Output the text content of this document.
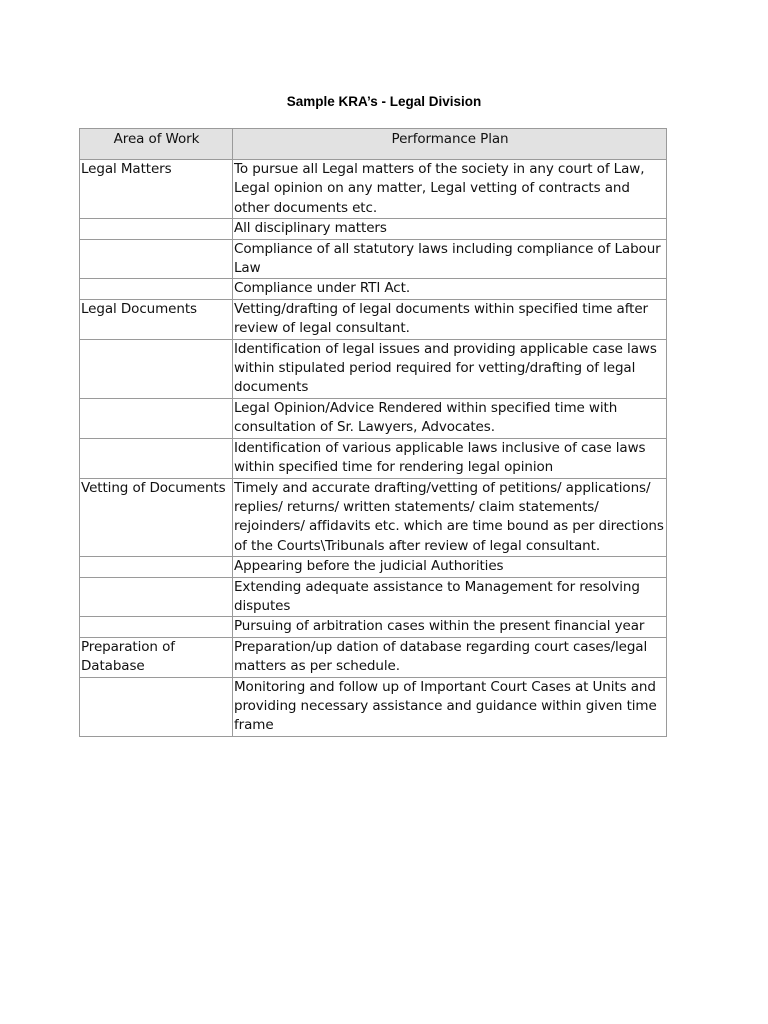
Sample KRA’s - Legal Division
Area of Work	Performance Plan
Legal Matters	To pursue all Legal matters of the society in any court of Law, Legal opinion on any matter, Legal vetting of contracts and other documents etc.
	All disciplinary matters
	Compliance of all statutory laws including compliance of Labour Law
	Compliance under RTI Act.
Legal Documents	Vetting/drafting of legal documents within specified time after review of legal consultant.
	Identification of legal issues and providing applicable case laws within stipulated period required for vetting/drafting of legal documents
	Legal Opinion/Advice Rendered within specified time with consultation of Sr. Lawyers, Advocates.
	Identification of various applicable laws inclusive of case laws within specified time for rendering legal opinion
Vetting of Documents	Timely and accurate drafting/vetting of petitions/ applications/ replies/ returns/ written statements/ claim statements/ rejoinders/ affidavits etc. which are time bound as per directions of the Courts\Tribunals after review of legal consultant.
	Appearing before the judicial Authorities
	Extending adequate assistance to Management for resolving disputes
	Pursuing of arbitration cases within the present financial year
Preparation of Database	Preparation/up dation of database regarding court cases/legal matters as per schedule.
	Monitoring and follow up of Important Court Cases at Units and providing necessary assistance and guidance within given time frame
